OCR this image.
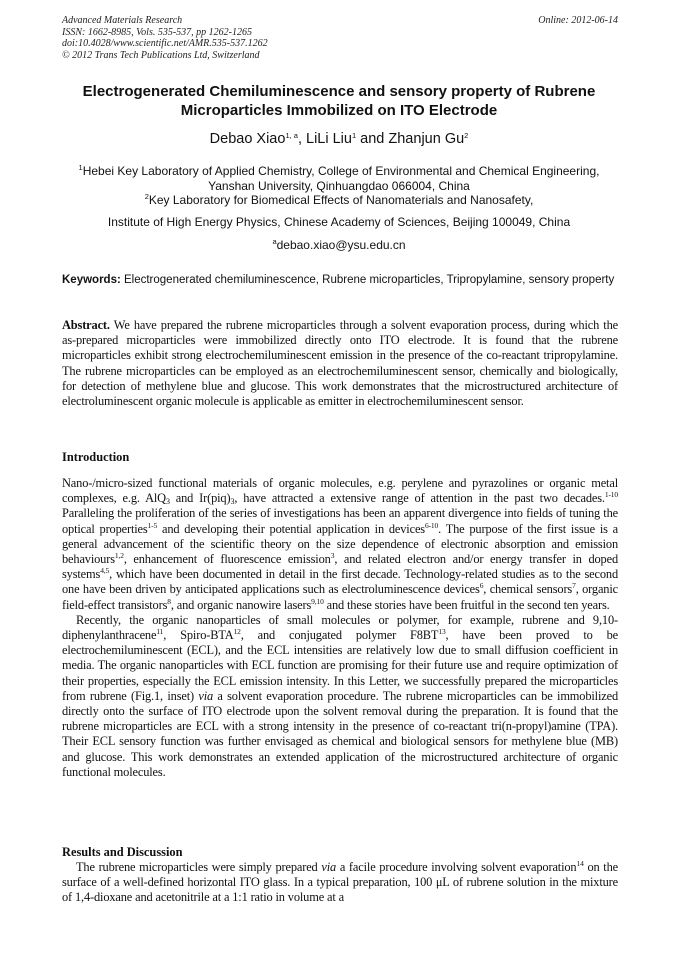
Advanced Materials Research
ISSN: 1662-8985, Vols. 535-537, pp 1262-1265
doi:10.4028/www.scientific.net/AMR.535-537.1262
© 2012 Trans Tech Publications Ltd, Switzerland
Online: 2012-06-14
Electrogenerated Chemiluminescence and sensory property of Rubrene
Microparticles Immobilized on ITO Electrode
Debao Xiao$^{1, a}$, LiLi Liu$^1$ and Zhanjun Gu$^2$
$^1$Hebei Key Laboratory of Applied Chemistry, College of Environmental and Chemical Engineering,
Yanshan University, Qinhuangdao 066004, China
$^2$Key Laboratory for Biomedical Effects of Nanomaterials and Nanosafety,
Institute of High Energy Physics, Chinese Academy of Sciences, Beijing 100049, China
$^a$debao.xiao@ysu.edu.cn
Keywords: Electrogenerated chemiluminescence, Rubrene microparticles, Tripropylamine, sensory property

Abstract. We have prepared the rubrene microparticles through a solvent evaporation process, during which the as-prepared microparticles were immobilized directly onto ITO electrode. It is found that the rubrene microparticles exhibit strong electrochemiluminescent emission in the presence of the co-reactant tripropylamine. The rubrene microparticles can be employed as an electrochemiluminescent sensor, chemically and biologically, for detection of methylene blue and glucose. This work demonstrates that the microstructured architecture of electroluminescent organic molecule is applicable as emitter in electrochemiluminescent sensor.

Introduction

Nano-/micro-sized functional materials of organic molecules, e.g. perylene and pyrazolines or organic metal complexes, e.g. AlQ$_3$ and $Ir(piq)_3$, have attracted a extensive range of attention in the past two decades.$^{1-10}$ Paralleling the proliferation of the series of investigations has been an apparent divergence into fields of tuning the optical properties$^{1-5}$ and developing their potential application in devices$^{6-10}$. The purpose of the first issue is a general advancement of the scientific theory on the size dependence of electronic absorption and emission behaviours$^{1,2}$, enhancement of fluorescence emission$^3$, and related electron and/or energy transfer in doped systems$^{4,5}$, which have been documented in detail in the first decade. Technology-related studies as to the second one have been driven by anticipated applications such as electroluminescence devices$^6$, chemical sensors$^7$, organic field-effect transistors$^8$, and organic nanowire lasers$^{9,10}$ and these stories have been fruitful in the second ten years.

Recently, the organic nanoparticles of small molecules or polymer, for example, rubrene and 9,10-diphenylanthracene$^{11}$, Spiro-BTA$^{12}$, and conjugated polymer F8BT$^{13}$, have been proved to be electrochemiluminescent (ECL), and the ECL intensities are relatively low due to small diffusion coefficient in media. The organic nanoparticles with ECL function are promising for their future use and require optimization of their properties, especially the ECL emission intensity. In this Letter, we successfully prepared the microparticles from rubrene (Fig.1, inset) via a solvent evaporation procedure. The rubrene microparticles can be immobilized directly onto the surface of ITO electrode upon the solvent removal during the preparation. It is found that the rubrene microparticles are ECL with a strong intensity in the presence of co-reactant tri(n-propyl)amine (TPA). Their ECL sensory function was further envisaged as chemical and biological sensors for methylene blue (MB) and glucose. This work demonstrates an extended application of the microstructured architecture of organic functional molecules.

Results and Discussion

The rubrene microparticles were simply prepared via a facile procedure involving solvent evaporation$^{14}$ on the surface of a well-defined horizontal ITO glass. In a typical preparation, 100 μL of rubrene solution in the mixture of 1,4-dioxane and acetonitrile at a 1:1 ratio in volume at a
